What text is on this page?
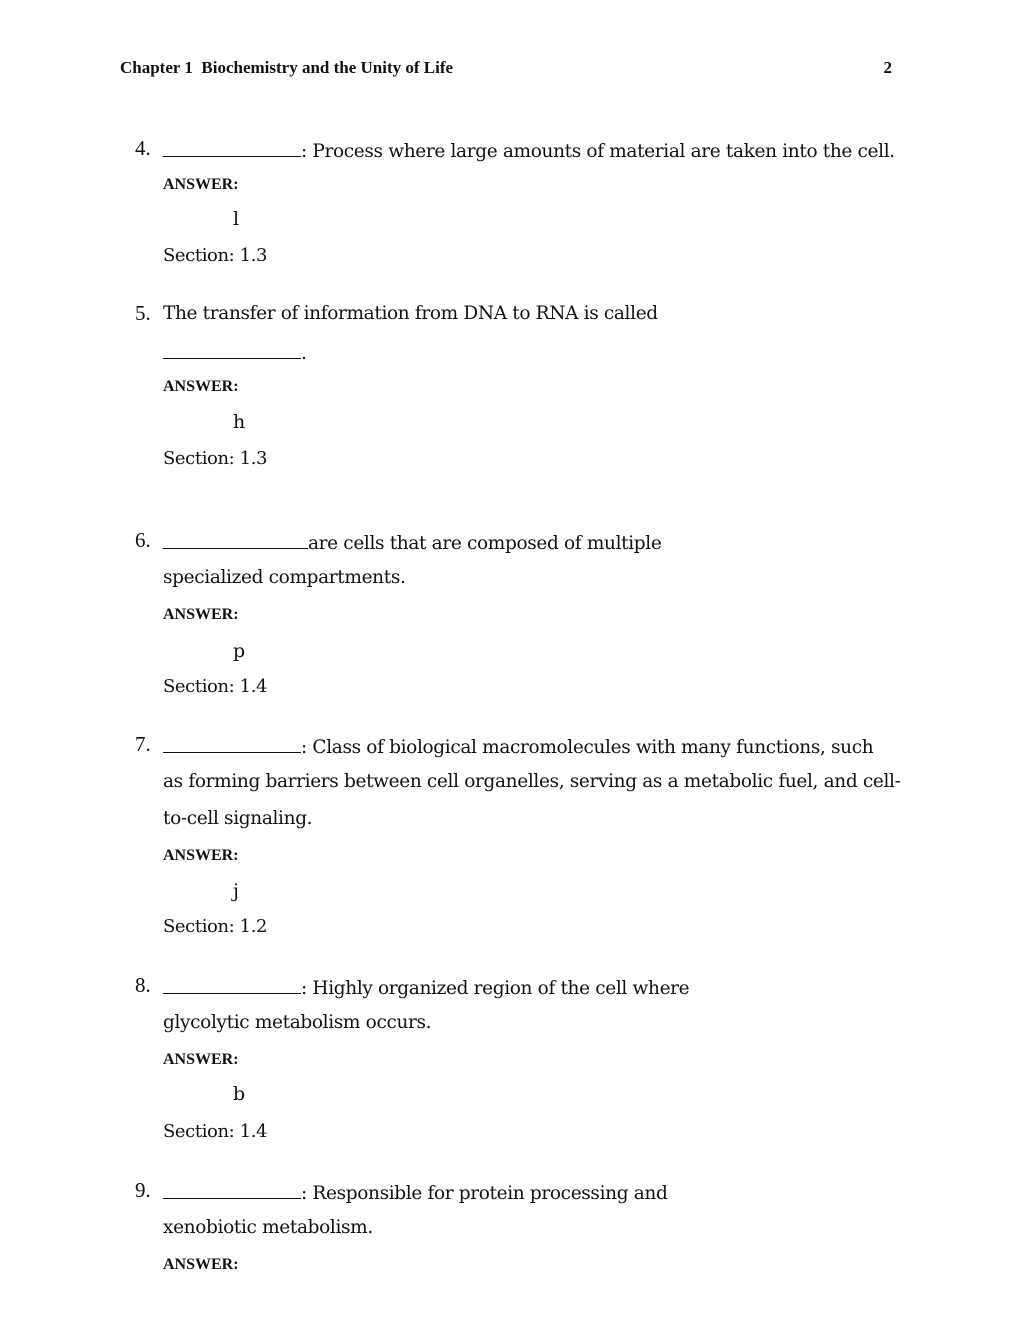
Chapter 1  Biochemistry and the Unity of Life	2
4.	: Process where large amounts of material are taken into the cell.
ANSWER:
l
Section: 1.3
5. The transfer of information from DNA to RNA is called
.
ANSWER:
h
Section: 1.3
6.	are cells that are composed of multiple
specialized compartments.
ANSWER:
p
Section: 1.4
7.	: Class of biological macromolecules with many functions, such
as forming barriers between cell organelles, serving as a metabolic fuel, and cell-
to-cell signaling.
ANSWER:
j
Section: 1.2
8.	: Highly organized region of the cell where
glycolytic metabolism occurs.
ANSWER:
b
Section: 1.4
9.	: Responsible for protein processing and
xenobiotic metabolism.
ANSWER:
